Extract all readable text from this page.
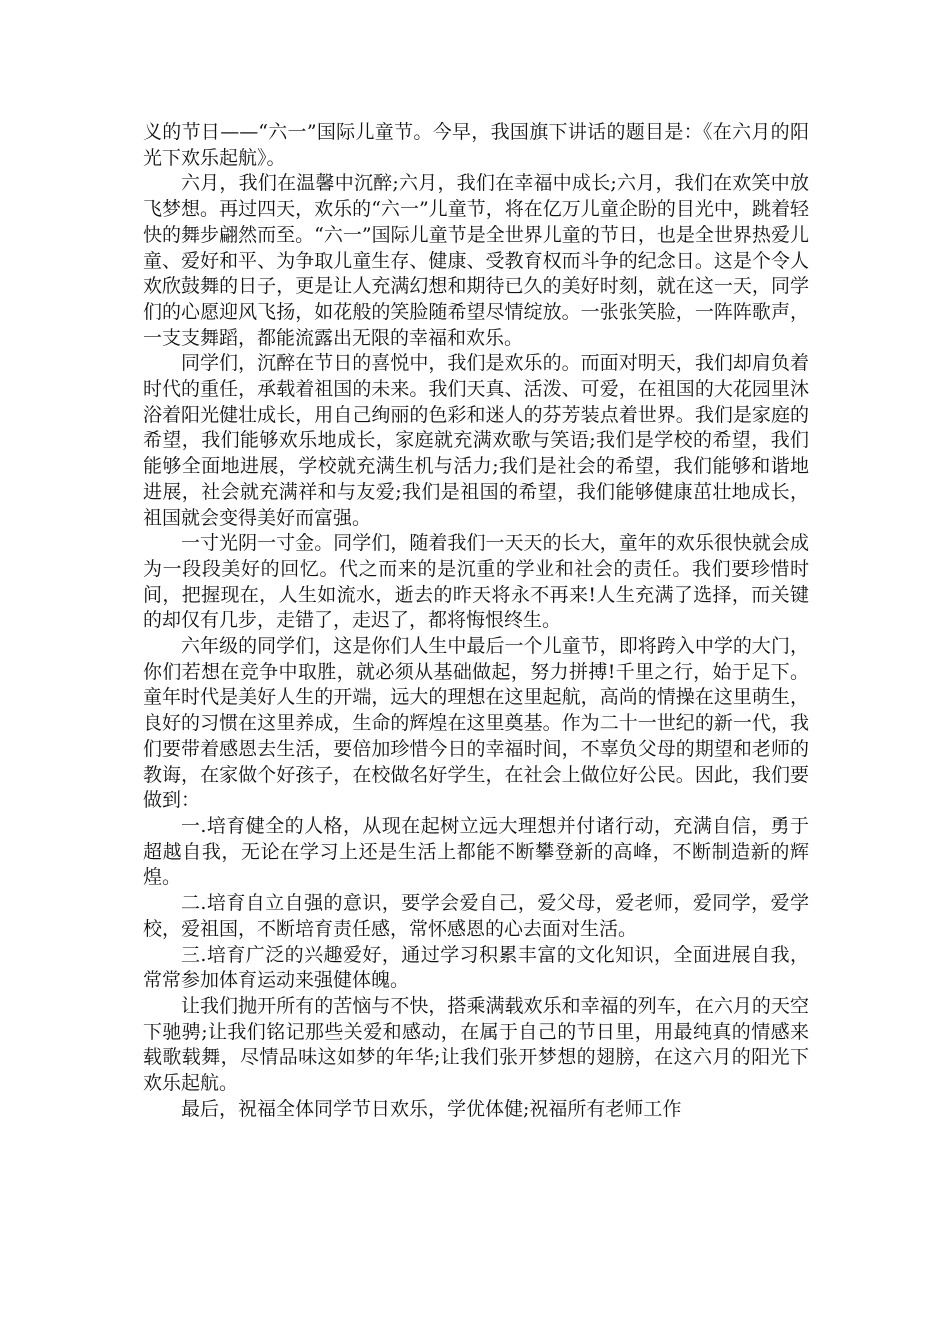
义的节日——“六一”国际儿童节。今早，我国旗下讲话的题目是：《在六月的阳光下欢乐起航》。

六月，我们在温馨中沉醉;六月，我们在幸福中成长;六月，我们在欢笑中放飞梦想。再过四天，欢乐的“六一”儿童节，将在亿万儿童企盼的目光中，跳着轻快的舞步翩然而至。“六一”国际儿童节是全世界儿童的节日，也是全世界热爱儿童、爱好和平、为争取儿童生存、健康、受教育权而斗争的纪念日。这是个令人欢欣鼓舞的日子，更是让人充满幻想和期待已久的美好时刻，就在这一天，同学们的心愿迎风飞扬，如花般的笑脸随希望尽情绽放。一张张笑脸，一阵阵歌声，一支支舞蹈，都能流露出无限的幸福和欢乐。

同学们，沉醉在节日的喜悦中，我们是欢乐的。而面对明天，我们却肩负着时代的重任，承载着祖国的未来。我们天真、活泼、可爱，在祖国的大花园里沐浴着阳光健壮成长，用自己绚丽的色彩和迷人的芬芳装点着世界。我们是家庭的希望，我们能够欢乐地成长，家庭就充满欢歌与笑语;我们是学校的希望，我们能够全面地进展，学校就充满生机与活力;我们是社会的希望，我们能够和谐地进展，社会就充满祥和与友爱;我们是祖国的希望，我们能够健康茁壮地成长，祖国就会变得美好而富强。

一寸光阴一寸金。同学们，随着我们一天天的长大，童年的欢乐很快就会成为一段段美好的回忆。代之而来的是沉重的学业和社会的责任。我们要珍惜时间，把握现在，人生如流水，逝去的昨天将永不再来!人生充满了选择，而关键的却仅有几步，走错了，走迟了，都将悔恨终生。

六年级的同学们，这是你们人生中最后一个儿童节，即将跨入中学的大门，你们若想在竞争中取胜，就必须从基础做起，努力拼搏!千里之行，始于足下。童年时代是美好人生的开端，远大的理想在这里起航，高尚的情操在这里萌生，良好的习惯在这里养成，生命的辉煌在这里奠基。作为二十一世纪的新一代，我们要带着感恩去生活，要倍加珍惜今日的幸福时间，不辜负父母的期望和老师的教诲，在家做个好孩子，在校做名好学生，在社会上做位好公民。因此，我们要做到：

一.培育健全的人格，从现在起树立远大理想并付诸行动，充满自信，勇于超越自我，无论在学习上还是生活上都能不断攀登新的高峰，不断制造新的辉煌。

二.培育自立自强的意识，要学会爱自己，爱父母，爱老师，爱同学，爱学校，爱祖国，不断培育责任感，常怀感恩的心去面对生活。

三.培育广泛的兴趣爱好，通过学习积累丰富的文化知识，全面进展自我，常常参加体育运动来强健体魄。

让我们抛开所有的苦恼与不快，搭乘满载欢乐和幸福的列车，在六月的天空下驰骋;让我们铭记那些关爱和感动，在属于自己的节日里，用最纯真的情感来载歌载舞，尽情品味这如梦的年华;让我们张开梦想的翅膀，在这六月的阳光下欢乐起航。

最后，祝福全体同学节日欢乐，学优体健;祝福所有老师工作
